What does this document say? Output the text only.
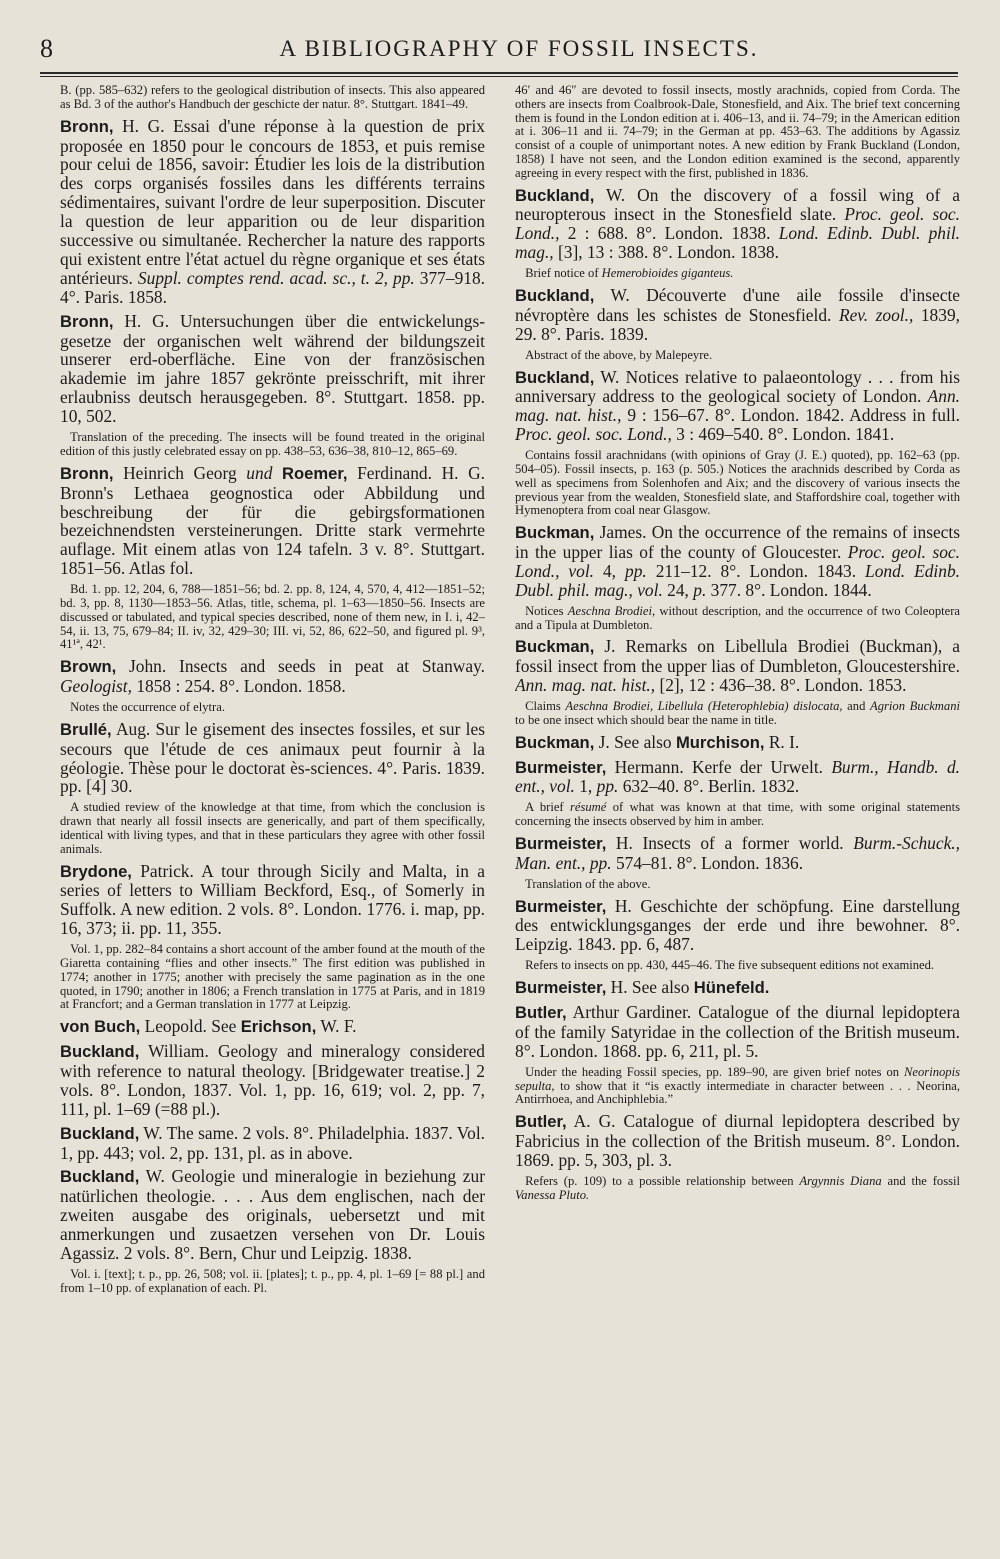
8	A BIBLIOGRAPHY OF FOSSIL INSECTS.

B. (pp. 585–632) refers to the geological distribution of insects. This also appeared as Bd. 3 of the author's Handbuch der geschicte der natur. 8°. Stuttgart. 1841–49.

Bronn, H. G. Essai d'une réponse à la question de prix proposée en 1850 pour le concours de 1853, et puis remise pour celui de 1856, savoir: Étudier les lois de la distribution des corps organisés fossiles dans les différents terrains sédimentaires, suivant l'ordre de leur superposition. Discuter la question de leur apparition ou de leur disparition successive ou simultanée. Rechercher la nature des rapports qui existent entre l'état actuel du règne organique et ses états antérieurs. Suppl. comptes rend. acad. sc., t. 2, pp. 377–918. 4°. Paris. 1858.

Bronn, H. G. Untersuchungen über die entwickelungs-gesetze der organischen welt während der bildungszeit unserer erd-oberfläche. Eine von der französischen akademie im jahre 1857 gekrönte preisschrift, mit ihrer erlaubniss deutsch herausgegeben. 8°. Stuttgart. 1858. pp. 10, 502.

Translation of the preceding. The insects will be found treated in the original edition of this justly celebrated essay on pp. 438–53, 636–38, 810–12, 865–69.

Bronn, Heinrich Georg und Roemer, Ferdinand. H. G. Bronn's Lethaea geognostica oder Abbildung und beschreibung der für die gebirgsformationen bezeichnendsten versteinerungen. Dritte stark vermehrte auflage. Mit einem atlas von 124 tafeln. 3 v. 8°. Stuttgart. 1851–56. Atlas fol.

Bd. 1. pp. 12, 204, 6, 788—1851–56; bd. 2. pp. 8, 124, 4, 570, 4, 412—1851–52; bd. 3, pp. 8, 1130—1853–56. Atlas, title, schema, pl. 1–63—1850–56. Insects are discussed or tabulated, and typical species described, none of them new, in I. i, 42–54, ii. 13, 75, 679–84; II. iv, 32, 429–30; III. vi, 52, 86, 622–50, and figured pl. 9³, 41¹ª, 42¹.

Brown, John. Insects and seeds in peat at Stanway. Geologist, 1858 : 254. 8°. London. 1858.

Notes the occurrence of elytra.

Brullé, Aug. Sur le gisement des insectes fossiles, et sur les secours que l'étude de ces animaux peut fournir à la géologie. Thèse pour le doctorat ès-sciences. 4°. Paris. 1839. pp. [4] 30.

A studied review of the knowledge at that time, from which the conclusion is drawn that nearly all fossil insects are generically, and part of them specifically, identical with living types, and that in these particulars they agree with other fossil animals.

Brydone, Patrick. A tour through Sicily and Malta, in a series of letters to William Beckford, Esq., of Somerly in Suffolk. A new edition. 2 vols. 8°. London. 1776. i. map, pp. 16, 373; ii. pp. 11, 355.

Vol. 1, pp. 282–84 contains a short account of the amber found at the mouth of the Giaretta containing “flies and other insects.” The first edition was published in 1774; another in 1775; another with precisely the same pagination as in the one quoted, in 1790; another in 1806; a French translation in 1775 at Paris, and in 1819 at Francfort; and a German translation in 1777 at Leipzig.

von Buch, Leopold. See Erichson, W. F.

Buckland, William. Geology and mineralogy considered with reference to natural theology. [Bridgewater treatise.] 2 vols. 8°. London, 1837. Vol. 1, pp. 16, 619; vol. 2, pp. 7, 111, pl. 1–69 (=88 pl.).

Buckland, W. The same. 2 vols. 8°. Philadelphia. 1837. Vol. 1, pp. 443; vol. 2, pp. 131, pl. as in above.

Buckland, W. Geologie und mineralogie in beziehung zur natürlichen theologie. . . . Aus dem englischen, nach der zweiten ausgabe des originals, uebersetzt und mit anmerkungen und zusaetzen versehen von Dr. Louis Agassiz. 2 vols. 8°. Bern, Chur und Leipzig. 1838.

Vol. i. [text]; t. p., pp. 26, 508; vol. ii. [plates]; t. p., pp. 4, pl. 1–69 [= 88 pl.] and from 1–10 pp. of explanation of each. Pl.

46′ and 46″ are devoted to fossil insects, mostly arachnids, copied from Corda. The others are insects from Coalbrook-Dale, Stonesfield, and Aix. The brief text concerning them is found in the London edition at i. 406–13, and ii. 74–79; in the American edition at i. 306–11 and ii. 74–79; in the German at pp. 453–63. The additions by Agassiz consist of a couple of unimportant notes. A new edition by Frank Buckland (London, 1858) I have not seen, and the London edition examined is the second, apparently agreeing in every respect with the first, published in 1836.

Buckland, W. On the discovery of a fossil wing of a neuropterous insect in the Stonesfield slate. Proc. geol. soc. Lond., 2 : 688. 8°. London. 1838. Lond. Edinb. Dubl. phil. mag., [3], 13 : 388. 8°. London. 1838.

Brief notice of Hemerobioides giganteus.

Buckland, W. Découverte d'une aile fossile d'insecte névroptère dans les schistes de Stonesfield. Rev. zool., 1839, 29. 8°. Paris. 1839.

Abstract of the above, by Malepeyre.

Buckland, W. Notices relative to palaeontology . . . from his anniversary address to the geological society of London. Ann. mag. nat. hist., 9 : 156–67. 8°. London. 1842. Address in full. Proc. geol. soc. Lond., 3 : 469–540. 8°. London. 1841.

Contains fossil arachnidans (with opinions of Gray (J. E.) quoted), pp. 162–63 (pp. 504–05). Fossil insects, p. 163 (p. 505.) Notices the arachnids described by Corda as well as specimens from Solenhofen and Aix; and the discovery of various insects the previous year from the wealden, Stonesfield slate, and Staffordshire coal, together with Hymenoptera from coal near Glasgow.

Buckman, James. On the occurrence of the remains of insects in the upper lias of the county of Gloucester. Proc. geol. soc. Lond., vol. 4, pp. 211–12. 8°. London. 1843. Lond. Edinb. Dubl. phil. mag., vol. 24, p. 377. 8°. London. 1844.

Notices Aeschna Brodiei, without description, and the occurrence of two Coleoptera and a Tipula at Dumbleton.

Buckman, J. Remarks on Libellula Brodiei (Buckman), a fossil insect from the upper lias of Dumbleton, Gloucestershire. Ann. mag. nat. hist., [2], 12 : 436–38. 8°. London. 1853.

Claims Aeschna Brodiei, Libellula (Heterophlebia) dislocata, and Agrion Buckmani to be one insect which should bear the name in title.

Buckman, J. See also Murchison, R. I.

Burmeister, Hermann. Kerfe der Urwelt. Burm., Handb. d. ent., vol. 1, pp. 632–40. 8°. Berlin. 1832.

A brief résumé of what was known at that time, with some original statements concerning the insects observed by him in amber.

Burmeister, H. Insects of a former world. Burm.-Schuck., Man. ent., pp. 574–81. 8°. London. 1836.

Translation of the above.

Burmeister, H. Geschichte der schöpfung. Eine darstellung des entwicklungsganges der erde und ihre bewohner. 8°. Leipzig. 1843. pp. 6, 487.

Refers to insects on pp. 430, 445–46. The five subsequent editions not examined.

Burmeister, H. See also Hünefeld.

Butler, Arthur Gardiner. Catalogue of the diurnal lepidoptera of the family Satyridae in the collection of the British museum. 8°. London. 1868. pp. 6, 211, pl. 5.

Under the heading Fossil species, pp. 189–90, are given brief notes on Neorinopis sepulta, to show that it “is exactly intermediate in character between . . . Neorina, Antirrhoea, and Anchiphlebia.”

Butler, A. G. Catalogue of diurnal lepidoptera described by Fabricius in the collection of the British museum. 8°. London. 1869. pp. 5, 303, pl. 3.

Refers (p. 109) to a possible relationship between Argynnis Diana and the fossil Vanessa Pluto.
